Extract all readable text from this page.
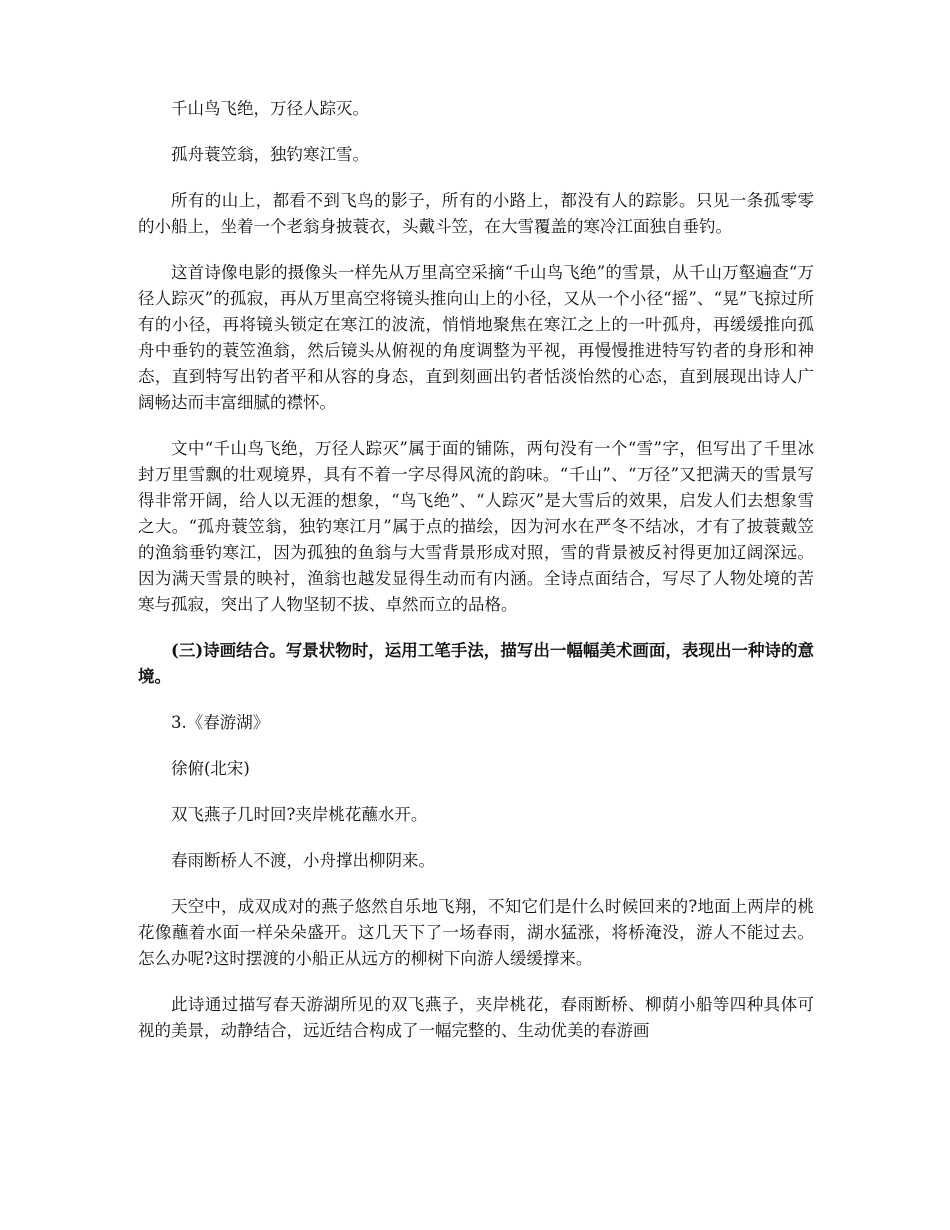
千山鸟飞绝，万径人踪灭。

孤舟蓑笠翁，独钓寒江雪。

所有的山上，都看不到飞鸟的影子，所有的小路上，都没有人的踪影。只见一条孤零零的小船上，坐着一个老翁身披蓑衣，头戴斗笠，在大雪覆盖的寒冷江面独自垂钓。

这首诗像电影的摄像头一样先从万里高空采摘“千山鸟飞绝”的雪景，从千山万壑遍查“万径人踪灭”的孤寂，再从万里高空将镜头推向山上的小径，又从一个小径“摇”、“晃”飞掠过所有的小径，再将镜头锁定在寒江的波流，悄悄地聚焦在寒江之上的一叶孤舟，再缓缓推向孤舟中垂钓的蓑笠渔翁，然后镜头从俯视的角度调整为平视，再慢慢推进特写钓者的身形和神态，直到特写出钓者平和从容的身态，直到刻画出钓者恬淡怡然的心态，直到展现出诗人广阔畅达而丰富细腻的襟怀。

文中“千山鸟飞绝，万径人踪灭”属于面的铺陈，两句没有一个“雪”字，但写出了千里冰封万里雪飘的壮观境界，具有不着一字尽得风流的韵味。“千山”、“万径”又把满天的雪景写得非常开阔，给人以无涯的想象，“鸟飞绝”、“人踪灭”是大雪后的效果，启发人们去想象雪之大。“孤舟蓑笠翁，独钓寒江月”属于点的描绘，因为河水在严冬不结冰，才有了披蓑戴笠的渔翁垂钓寒江，因为孤独的鱼翁与大雪背景形成对照，雪的背景被反衬得更加辽阔深远。因为满天雪景的映衬，渔翁也越发显得生动而有内涵。全诗点面结合，写尽了人物处境的苦寒与孤寂，突出了人物坚韧不拔、卓然而立的品格。

(三)诗画结合。写景状物时，运用工笔手法，描写出一幅幅美术画面，表现出一种诗的意境。

3.《春游湖》

徐俯(北宋)

双飞燕子几时回?夹岸桃花蘸水开。

春雨断桥人不渡，小舟撑出柳阴来。

天空中，成双成对的燕子悠然自乐地飞翔，不知它们是什么时候回来的?地面上两岸的桃花像蘸着水面一样朵朵盛开。这几天下了一场春雨，湖水猛涨，将桥淹没，游人不能过去。怎么办呢?这时摆渡的小船正从远方的柳树下向游人缓缓撑来。

此诗通过描写春天游湖所见的双飞燕子，夹岸桃花，春雨断桥、柳荫小船等四种具体可视的美景，动静结合，远近结合构成了一幅完整的、生动优美的春游画
